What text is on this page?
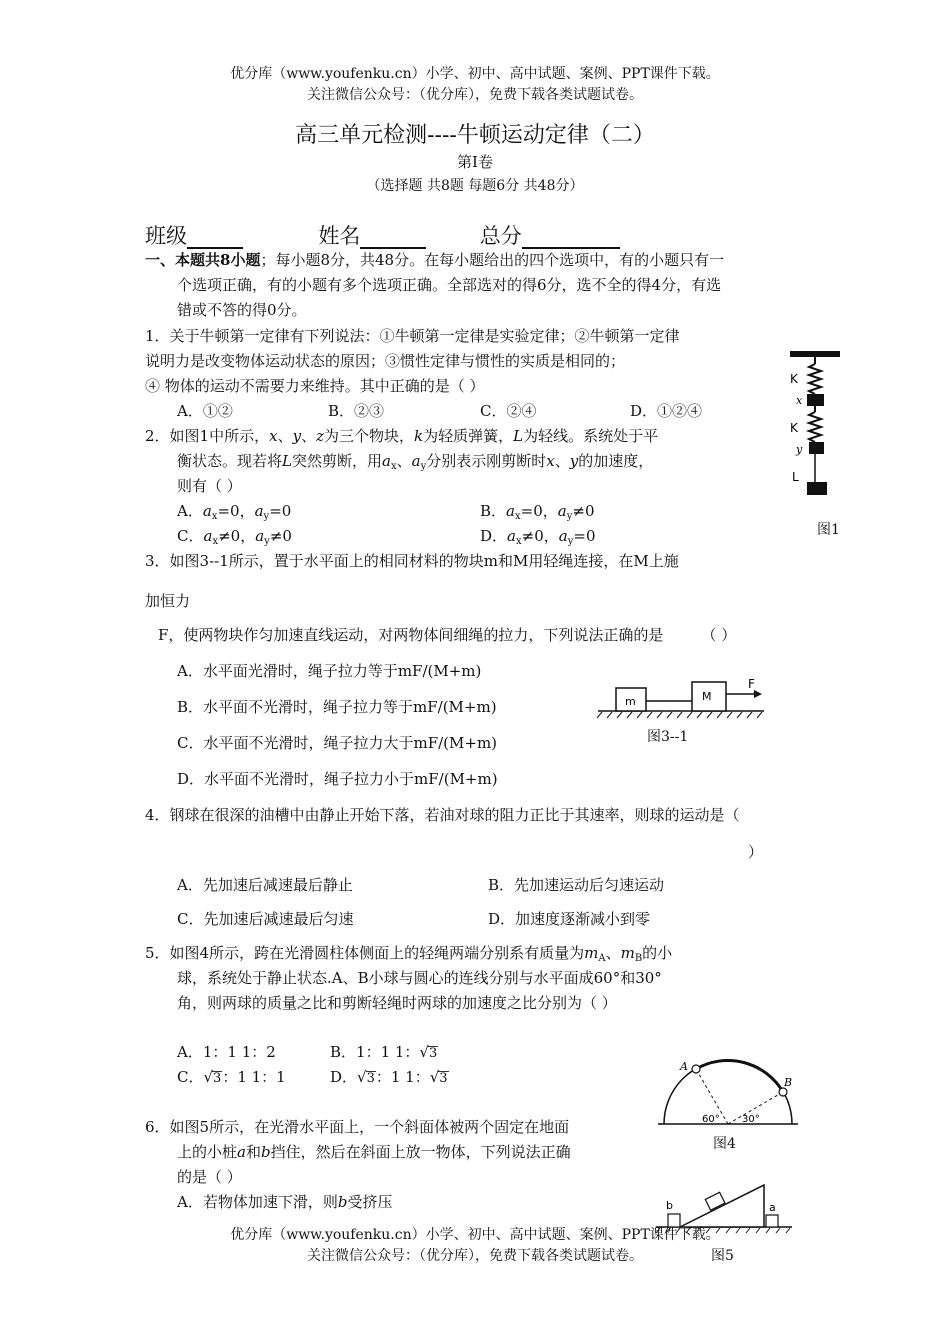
优分库（www.youfenku.cn）小学、初中、高中试题、案例、PPT课件下载。
关注微信公众号：（优分库），免费下载各类试题试卷。
高三单元检测----牛顿运动定律（二）
第Ⅰ卷
（选择题 共8题 每题6分 共48分）
班级	姓名	总分
一、本题共8小题；每小题8分，共48分。在每小题给出的四个选项中，有的小题只有一
个选项正确，有的小题有多个选项正确。全部选对的得6分，选不全的得4分，有选
错或不答的得0分。
1．关于牛顿第一定律有下列说法：①牛顿第一定律是实验定律；②牛顿第一定律
说明力是改变物体运动状态的原因；③惯性定律与惯性的实质是相同的；
④ 物体的运动不需要力来维持。其中正确的是（ ）
A．①②	B．②③	C．②④	D．①②④
2．如图1中所示，x、y、z为三个物块，k为轻质弹簧，L为轻线。系统处于平
衡状态。现若将L突然剪断，用$a_x$、$a_y$分别表示刚剪断时x、y的加速度，
则有（ ）
A．$a_x=0$，$a_y=0$	B．$a_x=0$，$a_y\ne 0$
C．$a_x\ne 0$，$a_y\ne 0$	D．$a_x\ne 0$，$a_y=0$
K
x
K
y
L
图1
3．如图3--1所示，置于水平面上的相同材料的物块m和M用轻绳连接，在M上施
加恒力
F，使两物块作匀加速直线运动，对两物体间细绳的拉力，下列说法正确的是	（ ）
A．水平面光滑时，绳子拉力等于mF/(M+m)
B．水平面不光滑时，绳子拉力等于mF/(M+m)
C．水平面不光滑时，绳子拉力大于mF/(M+m)
D．水平面不光滑时，绳子拉力小于mF/(M+m)
m	M
F
图3--1
4．钢球在很深的油槽中由静止开始下落，若油对球的阻力正比于其速率，则球的运动是（
）
A．先加速后减速最后静止	B．先加速运动后匀速运动
C．先加速后减速最后匀速	D．加速度逐渐减小到零
5．如图4所示，跨在光滑圆柱体侧面上的轻绳两端分别系有质量为$m_A$、$m_B$的小
球，系统处于静止状态.A、B小球与圆心的连线分别与水平面成60°和30°
角，则两球的质量之比和剪断轻绳时两球的加速度之比分别为（ ）
A．1：1 1：2	B．1：1 1：√3
C．√3：1 1：1	D．√3：1 1：√3
A
B
60° 30°
图4
6．如图5所示，在光滑水平面上，一个斜面体被两个固定在地面
上的小桩a和b挡住，然后在斜面上放一物体，下列说法正确
的是（ ）
A．若物体加速下滑，则b受挤压	b	a
优分库（www.youfenku.cn）小学、初中、高中试题、案例、PPT课件下载。
关注微信公众号：（优分库），免费下载各类试题试卷。	图5
